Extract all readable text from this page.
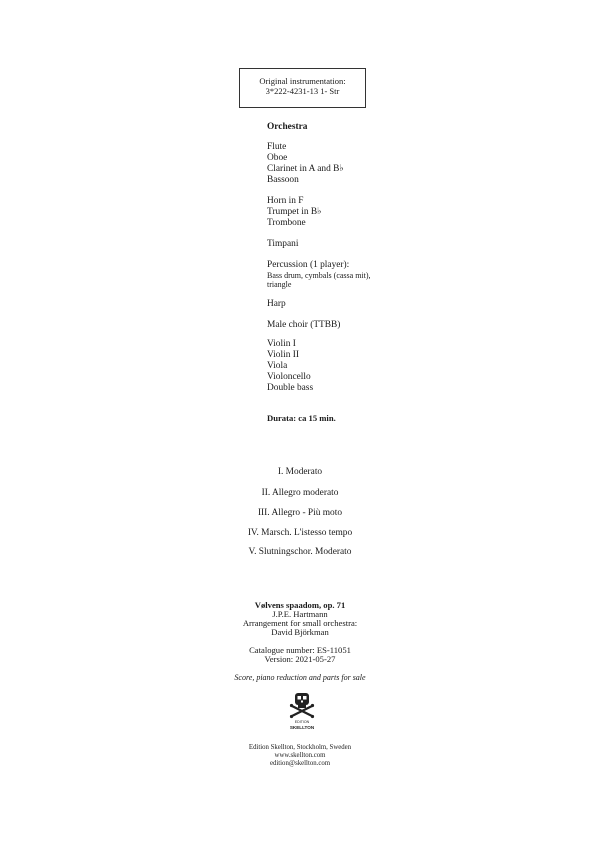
Original instrumentation:
3*222-4231-13 1- Str
Orchestra
Flute
Oboe
Clarinet in A and B♭
Bassoon
Horn in F
Trumpet in B♭
Trombone
Timpani
Percussion (1 player):
Bass drum, cymbals (cassa mit),
triangle
Harp
Male choir (TTBB)
Violin I
Violin II
Viola
Violoncello
Double bass
Durata: ca 15 min.
I. Moderato
II. Allegro moderato
III. Allegro - Più moto
IV. Marsch. L'istesso tempo
V. Slutningschor. Moderato
Vølvens spaadom, op. 71
J.P.E. Hartmann
Arrangement for small orchestra:
David Björkman
Catalogue number: ES-11051
Version: 2021-05-27
Score, piano reduction and parts for sale
EDITION
SKELLTON
Edition Skellton, Stockholm, Sweden
www.skellton.com
edition@skellton.com
